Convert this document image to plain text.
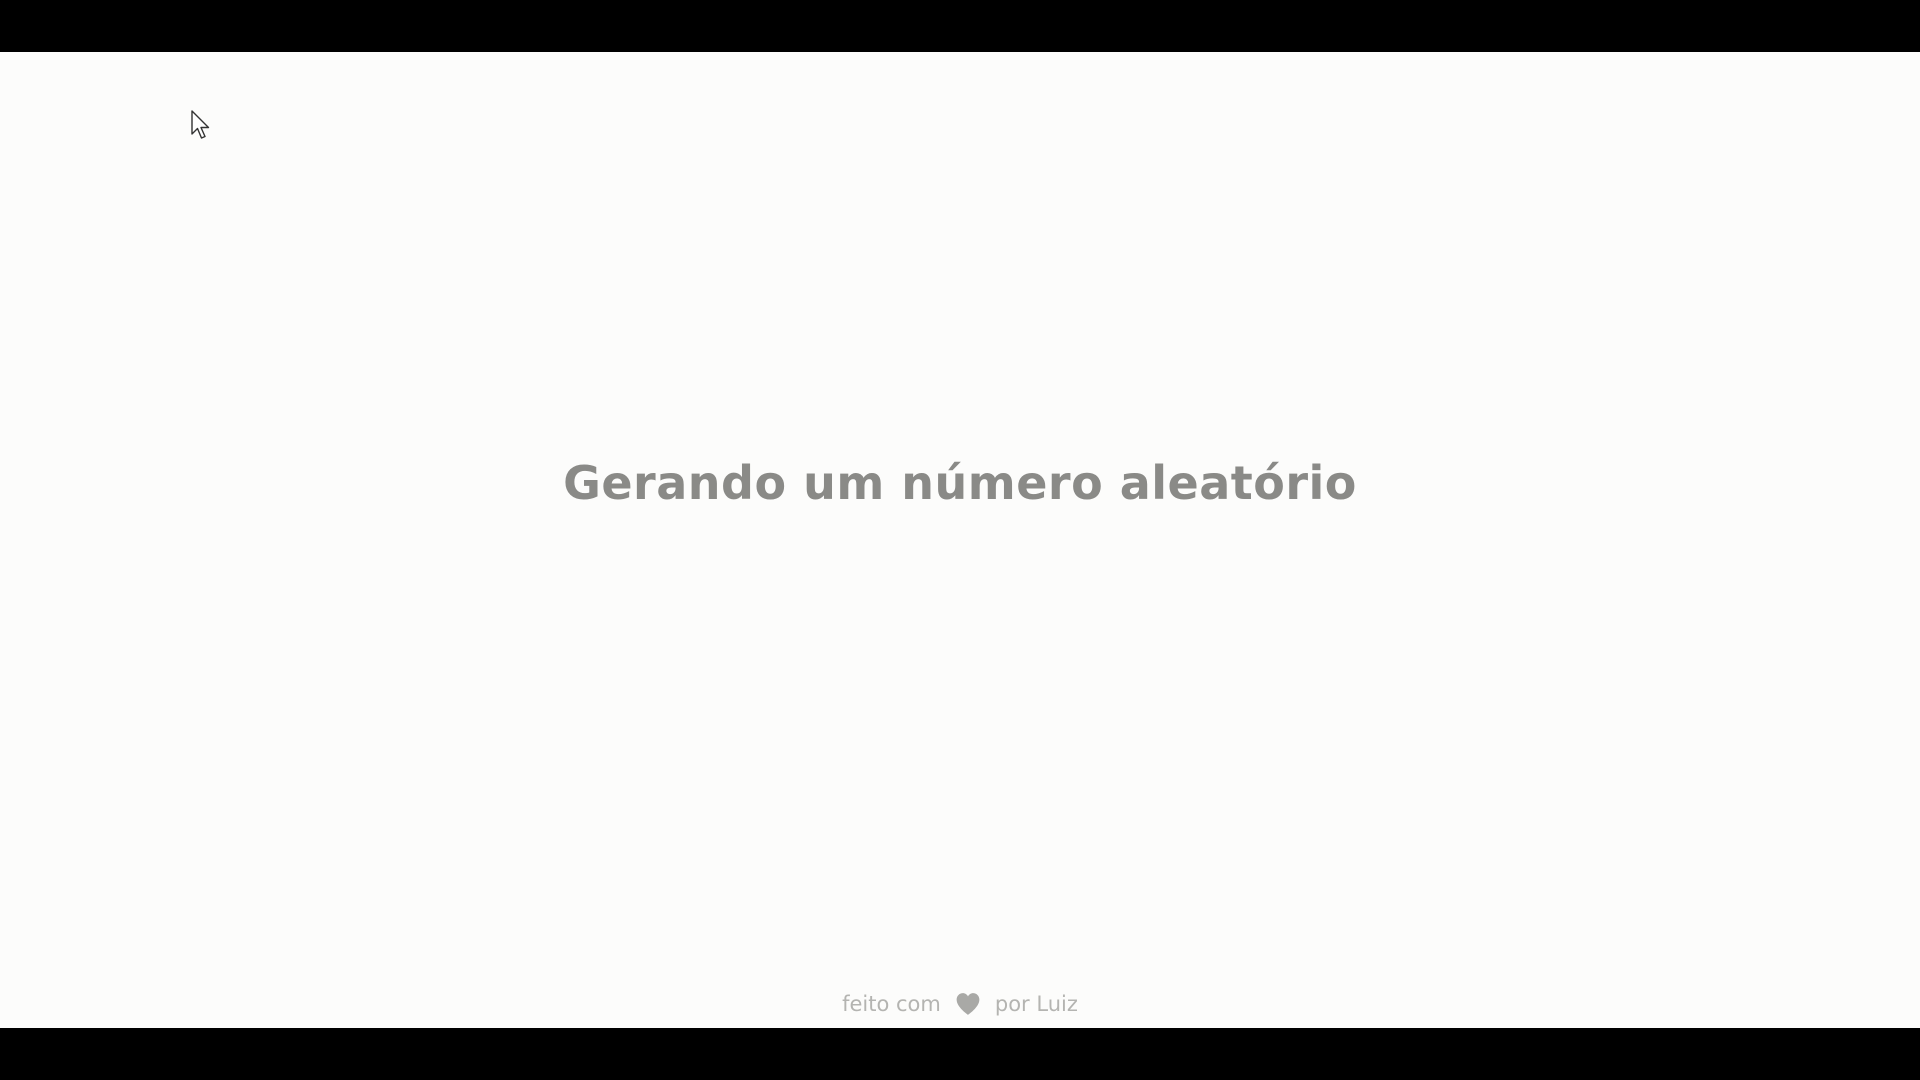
Gerando um número aleatório
feito com	por Luiz
